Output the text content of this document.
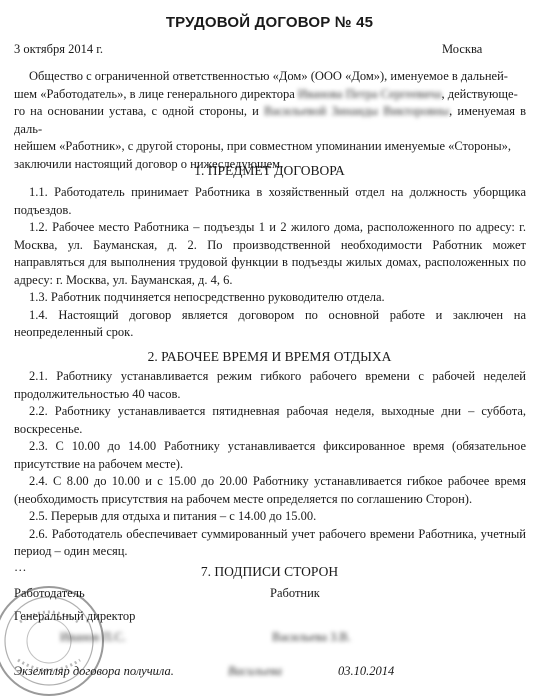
ТРУДОВОЙ ДОГОВОР № 45
3 октября 2014 г.	Москва
Общество с ограниченной ответственностью «Дом» (ООО «Дом»), именуемое в дальней-
шем «Работодатель», в лице генерального директора Иванова Петра Сергеевича, действующе-
го на основании устава, с одной стороны, и Васильевой Зинаиды Викторовны, именуемая в даль-
нейшем «Работник», с другой стороны, при совместном упоминании именуемые «Стороны»,
заключили настоящий договор о нижеследующем.
1. ПРЕДМЕТ ДОГОВОРА

1.1. Работодатель принимает Работника в хозяйственный отдел на должность уборщика подъездов.

1.2. Рабочее место Работника – подъезды 1 и 2 жилого дома, расположенного по адресу: г. Москва, ул. Бауманская, д. 2. По производственной необходимости Работник может направляться для выполнения трудовой функции в подъезды жилых домах, расположенных по адресу: г. Москва, ул. Бауманская, д. 4, 6.

1.3. Работник подчиняется непосредственно руководителю отдела.

1.4. Настоящий договор является договором по основной работе и заключен на неопределенный срок.

2. РАБОЧЕЕ ВРЕМЯ И ВРЕМЯ ОТДЫХА

2.1. Работнику устанавливается режим гибкого рабочего времени с рабочей неделей продолжительностью 40 часов.

2.2. Работнику устанавливается пятидневная рабочая неделя, выходные дни – суббота, воскресенье.

2.3. С 10.00 до 14.00 Работнику устанавливается фиксированное время (обязательное присутствие на рабочем месте).

2.4. С 8.00 до 10.00 и с 15.00 до 20.00 Работнику устанавливается гибкое рабочее время (необходимость присутствия на рабочем месте определяется по соглашению Сторон).

2.5. Перерыв для отдыха и питания – с 14.00 до 15.00.

2.6. Работодатель обеспечивает суммированный учет рабочего времени Работника, учетный период – один месяц.

…	7. ПОДПИСИ СТОРОН
Работодатель	Работник
Генеральный директор
Иванов П.С.	Васильева З.В.
Экземпляр договора получила.	Васильева	03.10.2014
